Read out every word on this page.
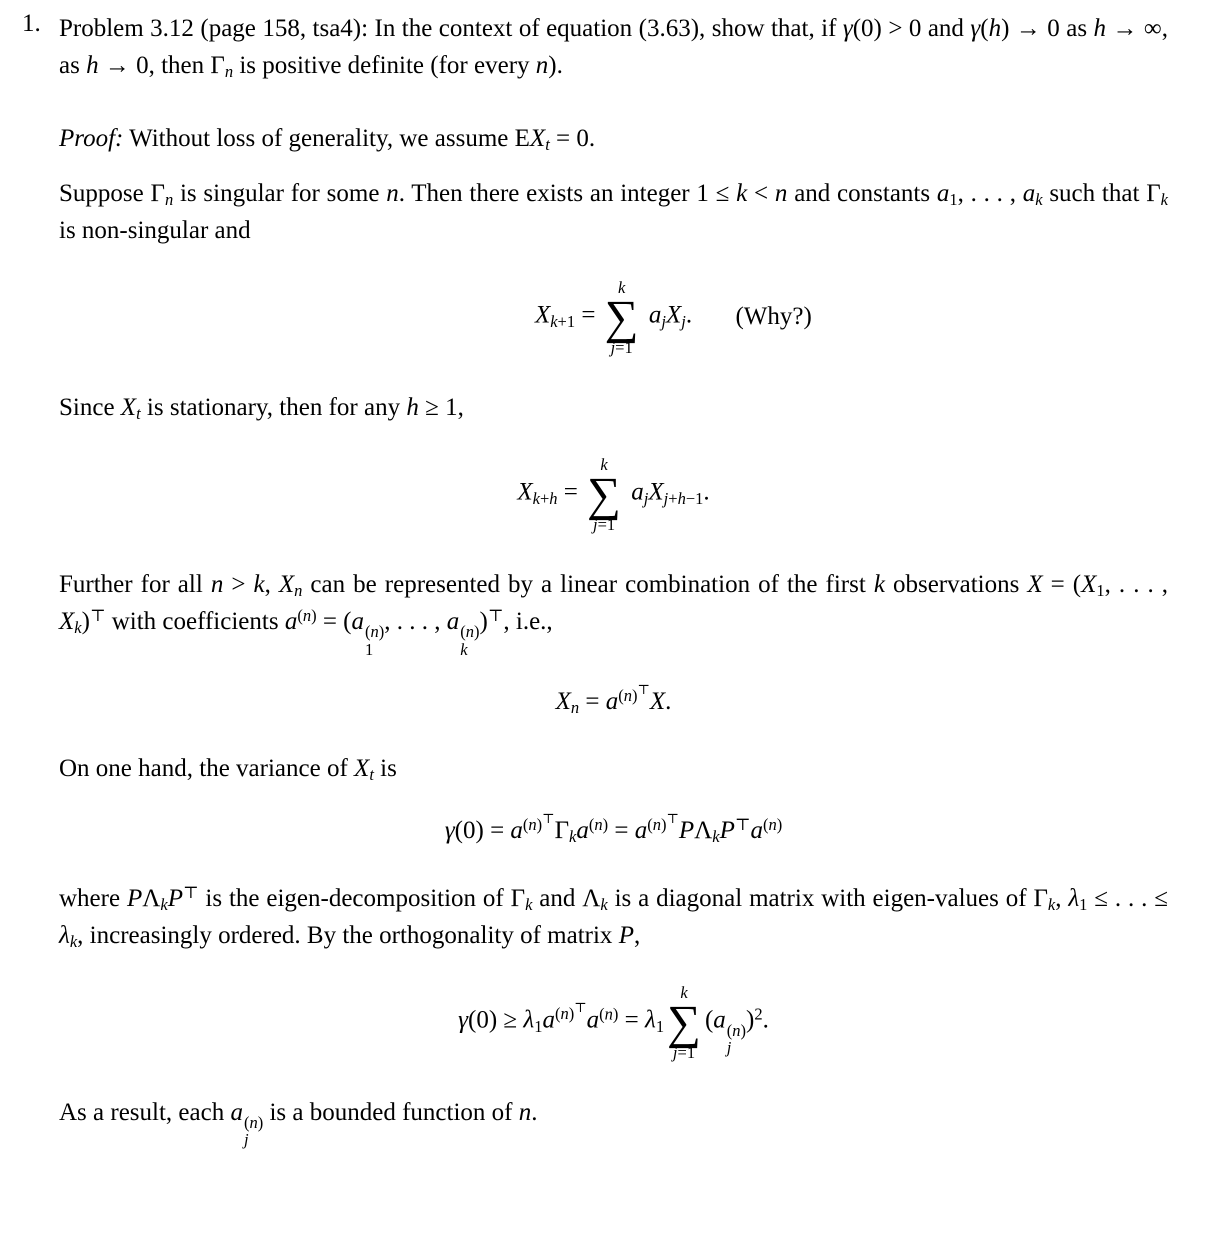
1. Problem 3.12 (page 158, tsa4): In the context of equation (3.63), show that, if γ(0) > 0 and γ(h) → 0 as h → ∞, as h → 0, then $\Gamma_n$ is positive definite (for every n).

Proof: Without loss of generality, we assume $EX_t = 0$.

Suppose $\Gamma_n$ is singular for some n. Then there exists an integer 1 ≤ k < n and constants $a_1$, . . . , $a_k$ such that $\Gamma_k$ is non-singular and

$X_{k+1}$ =
k
∑
j=1
$a_jX_j$. (Why?)

Since $X_t$ is stationary, then for any h ≥ 1,

$X_{k+h}$ =
k
∑
j=1
$a_jX_{j+h-1}$.

Further for all n > k, $X_n$ can be represented by a linear combination of the first k observations $X = (X_1$, . . . , $X_k)^⊤$ with coefficients $a^{(n)} = (a$ (n)
1
, . . . , a (n)
k
)⊤, i.e.,

$X_n = a^{(n)^⊤}X$.

On one hand, the variance of $X_t$ is

$\gamma(0) = a^{(n)^⊤}\Gamma_ka^{(n)} = a^{(n)^⊤}P\Lambda_kP^⊤a^{(n)}$

where $P\Lambda_kP^⊤$ is the eigen-decomposition of $\Gamma_k$ and $\Lambda_k$ is a diagonal matrix with eigen-values of $\Gamma_k$, $\lambda_1$ ≤ . . . ≤ $\lambda_k$, increasingly ordered. By the orthogonality of matrix P,

$\gamma(0) \ge \lambda_1a^{(n)^⊤}a^{(n)} = \lambda_1$
k
∑
j=1
(a (n)
j
)$^2$.

As a result, each a (n)
j
is a bounded function of n.
